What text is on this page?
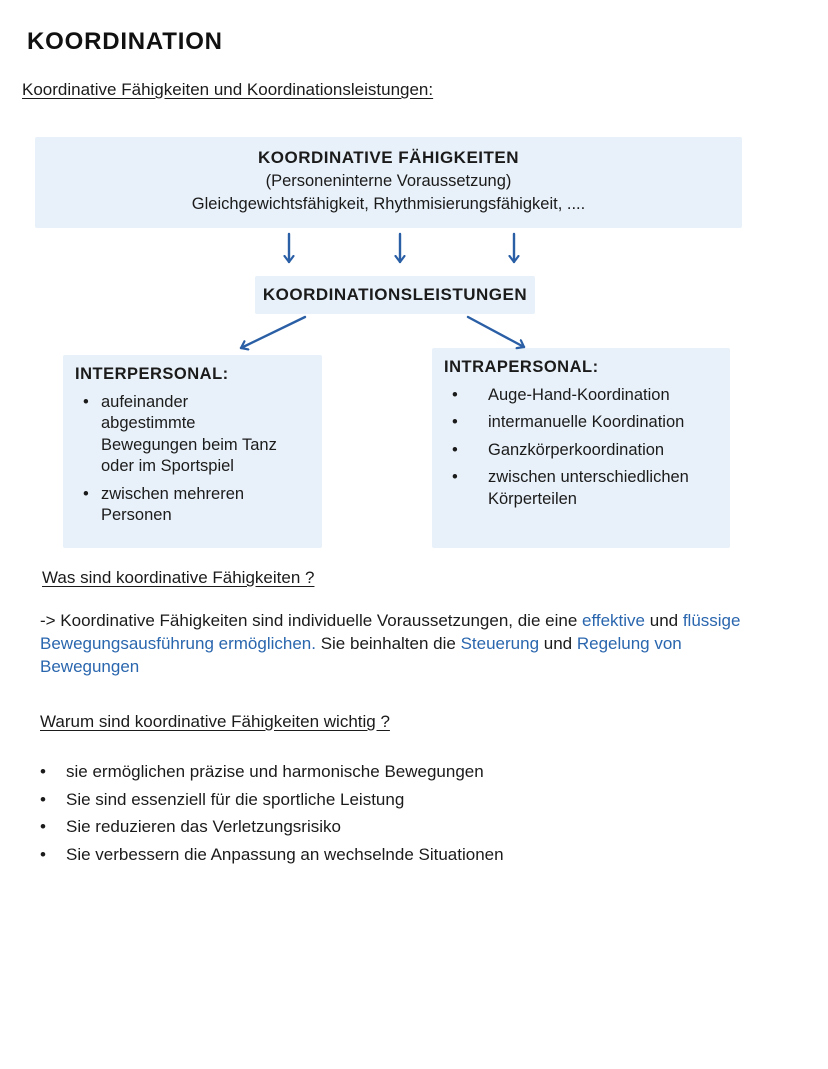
KOORDINATION
Koordinative Fähigkeiten und Koordinationsleistungen:
KOORDINATIVE FÄHIGKEITEN
(Personeninterne Voraussetzung)
Gleichgewichtsfähigkeit, Rhythmisierungsfähigkeit, ....
KOORDINATIONSLEISTUNGEN
INTERPERSONAL:
• aufeinander abgestimmte Bewegungen beim Tanz oder im Sportspiel
• zwischen mehreren Personen
INTRAPERSONAL:
• Auge-Hand-Koordination
• intermanuelle Koordination
• Ganzkörperkoordination
• zwischen unterschiedlichen Körperteilen
Was sind koordinative Fähigkeiten ?

-> Koordinative Fähigkeiten sind individuelle Voraussetzungen, die eine effektive und flüssige Bewegungsausführung ermöglichen. Sie beinhalten die Steuerung und Regelung von Bewegungen

Warum sind koordinative Fähigkeiten wichtig ?
• sie ermöglichen präzise und harmonische Bewegungen
• Sie sind essenziell für die sportliche Leistung
• Sie reduzieren das Verletzungsrisiko
• Sie verbessern die Anpassung an wechselnde Situationen
